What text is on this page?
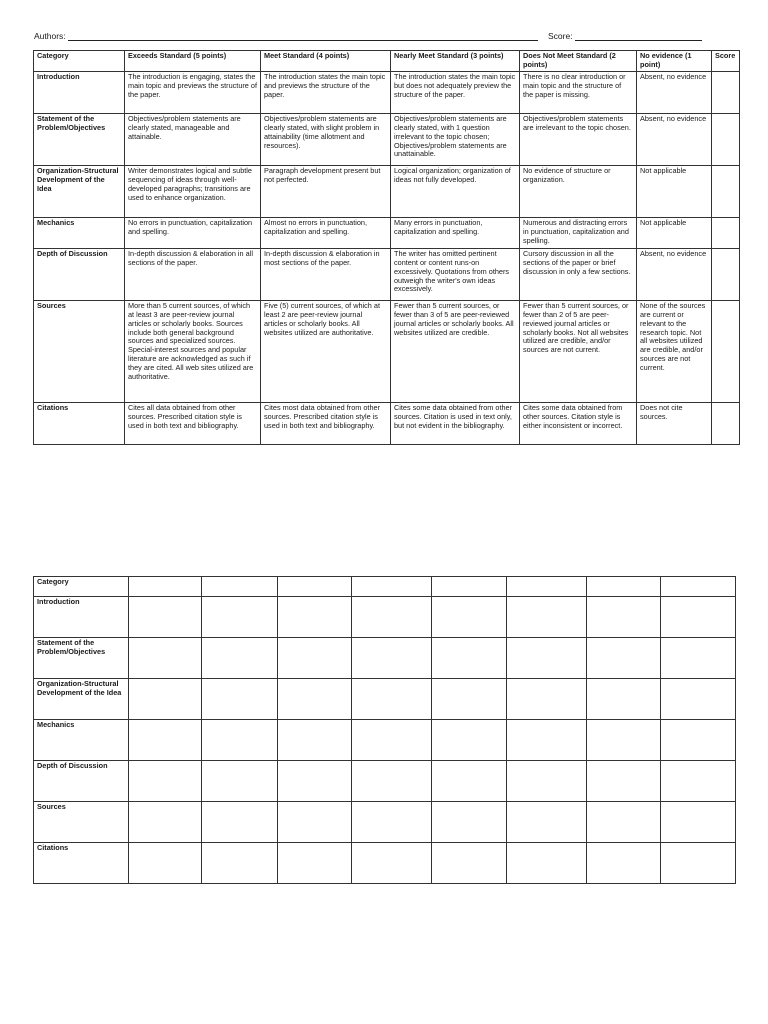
Authors:	Score:
Category	Exceeds Standard (5 points)	Meet Standard (4 points)	Nearly Meet Standard (3 points)	Does Not Meet Standard (2 points)	No evidence (1 point)	Score
Introduction	The introduction is engaging, states the main topic and previews the structure of the paper.	The introduction states the main topic and previews the structure of the paper.	The introduction states the main topic but does not adequately preview the structure of the paper.	There is no clear introduction or main topic and the structure of the paper is missing.	Absent, no evidence	
Statement of the Problem/Objectives	Objectives/problem statements are clearly stated, manageable and attainable.	Objectives/problem statements are clearly stated, with slight problem in attainability (time allotment and resources).	Objectives/problem statements are clearly stated, with 1 question irrelevant to the topic chosen; Objectives/problem statements are unattainable.	Objectives/problem statements are irrelevant to the topic chosen.	Absent, no evidence	
Organization-Structural Development of the Idea	Writer demonstrates logical and subtle sequencing of ideas through well-developed paragraphs; transitions are used to enhance organization.	Paragraph development present but not perfected.	Logical organization; organization of ideas not fully developed.	No evidence of structure or organization.	Not applicable	
Mechanics	No errors in punctuation, capitalization and spelling.	Almost no errors in punctuation, capitalization and spelling.	Many errors in punctuation, capitalization and spelling.	Numerous and distracting errors in punctuation, capitalization and spelling.	Not applicable	
Depth of Discussion	In-depth discussion & elaboration in all sections of the paper.	In-depth discussion & elaboration in most sections of the paper.	The writer has omitted pertinent content or content runs-on excessively. Quotations from others outweigh the writer's own ideas excessively.	Cursory discussion in all the sections of the paper or brief discussion in only a few sections.	Absent, no evidence	
Sources	More than 5 current sources, of which at least 3 are peer-review journal articles or scholarly books. Sources include both general background sources and specialized sources. Special-interest sources and popular literature are acknowledged as such if they are cited. All web sites utilized are authoritative.	Five (5) current sources, of which at least 2 are peer-review journal articles or scholarly books. All websites utilized are authoritative.	Fewer than 5 current sources, or fewer than 3 of 5 are peer-reviewed journal articles or scholarly books. All websites utilized are credible.	Fewer than 5 current sources, or fewer than 2 of 5 are peer-reviewed journal articles or scholarly books. Not all websites utilized are credible, and/or sources are not current.	None of the sources are current or relevant to the research topic. Not all websites utilized are credible, and/or sources are not current.	
Citations	Cites all data obtained from other sources. Prescribed citation style is used in both text and bibliography.	Cites most data obtained from other sources. Prescribed citation style is used in both text and bibliography.	Cites some data obtained from other sources. Citation is used in text only, but not evident in the bibliography.	Cites some data obtained from other sources. Citation style is either inconsistent or incorrect.	Does not cite sources.	
Category								
Introduction								
Statement of the Problem/Objectives								
Organization-Structural Development of the Idea								
Mechanics								
Depth of Discussion								
Sources								
Citations								
